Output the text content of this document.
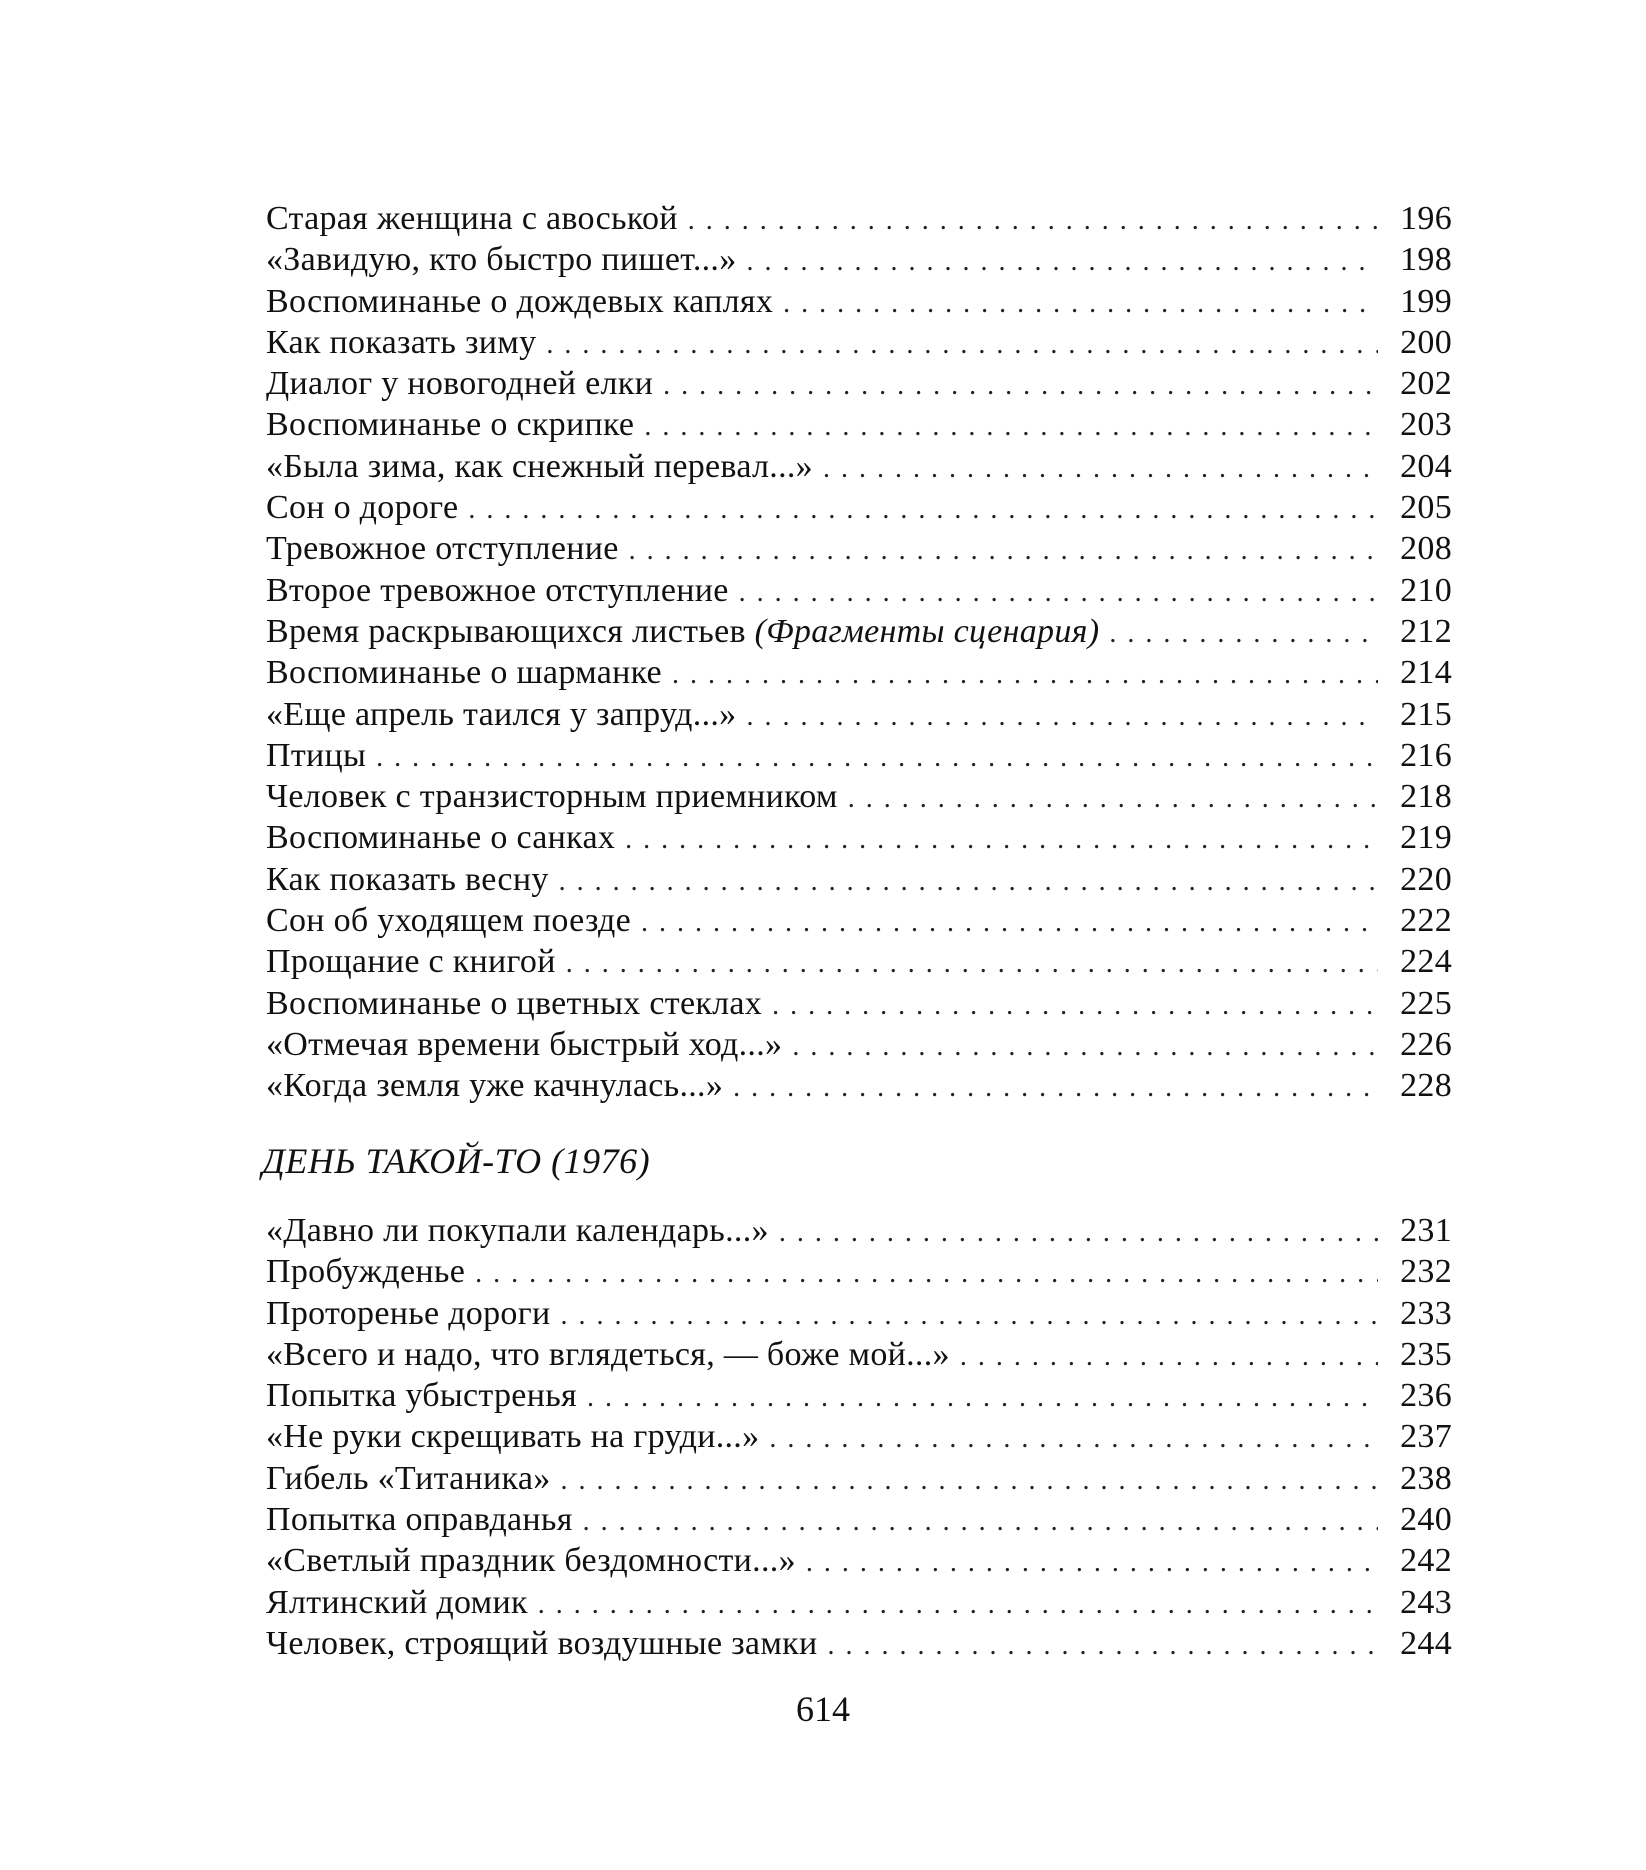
Старая женщина с авоськой . . .	196
«Завидую, кто быстро пишет...» . . .	198
Воспоминанье о дождевых каплях . . .	199
Как показать зиму . . .	200
Диалог у новогодней елки . . .	202
Воспоминанье о скрипке . . .	203
«Была зима, как снежный перевал...» . . .	204
Сон о дороге . . .	205
Тревожное отступление . . .	208
Второе тревожное отступление . . .	210
Время раскрывающихся листьев (Фрагменты сценария) . . .	212
Воспоминанье о шарманке . . .	214
«Еще апрель таился у запруд...» . . .	215
Птицы . . .	216
Человек с транзисторным приемником . . .	218
Воспоминанье о санках . . .	219
Как показать весну . . .	220
Сон об уходящем поезде . . .	222
Прощание с книгой . . .	224
Воспоминанье о цветных стеклах . . .	225
«Отмечая времени быстрый ход...» . . .	226
«Когда земля уже качнулась...» . . .	228
ДЕНЬ ТАКОЙ-ТО (1976)
«Давно ли покупали календарь...» . . .	231
Пробужденье . . .	232
Проторенье дороги . . .	233
«Всего и надо, что вглядеться, — боже мой...» . . .	235
Попытка убыстренья . . .	236
«Не руки скрещивать на груди...» . . .	237
Гибель «Титаника» . . .	238
Попытка оправданья . . .	240
«Светлый праздник бездомности...» . . .	242
Ялтинский домик . . .	243
Человек, строящий воздушные замки . . .	244
614
